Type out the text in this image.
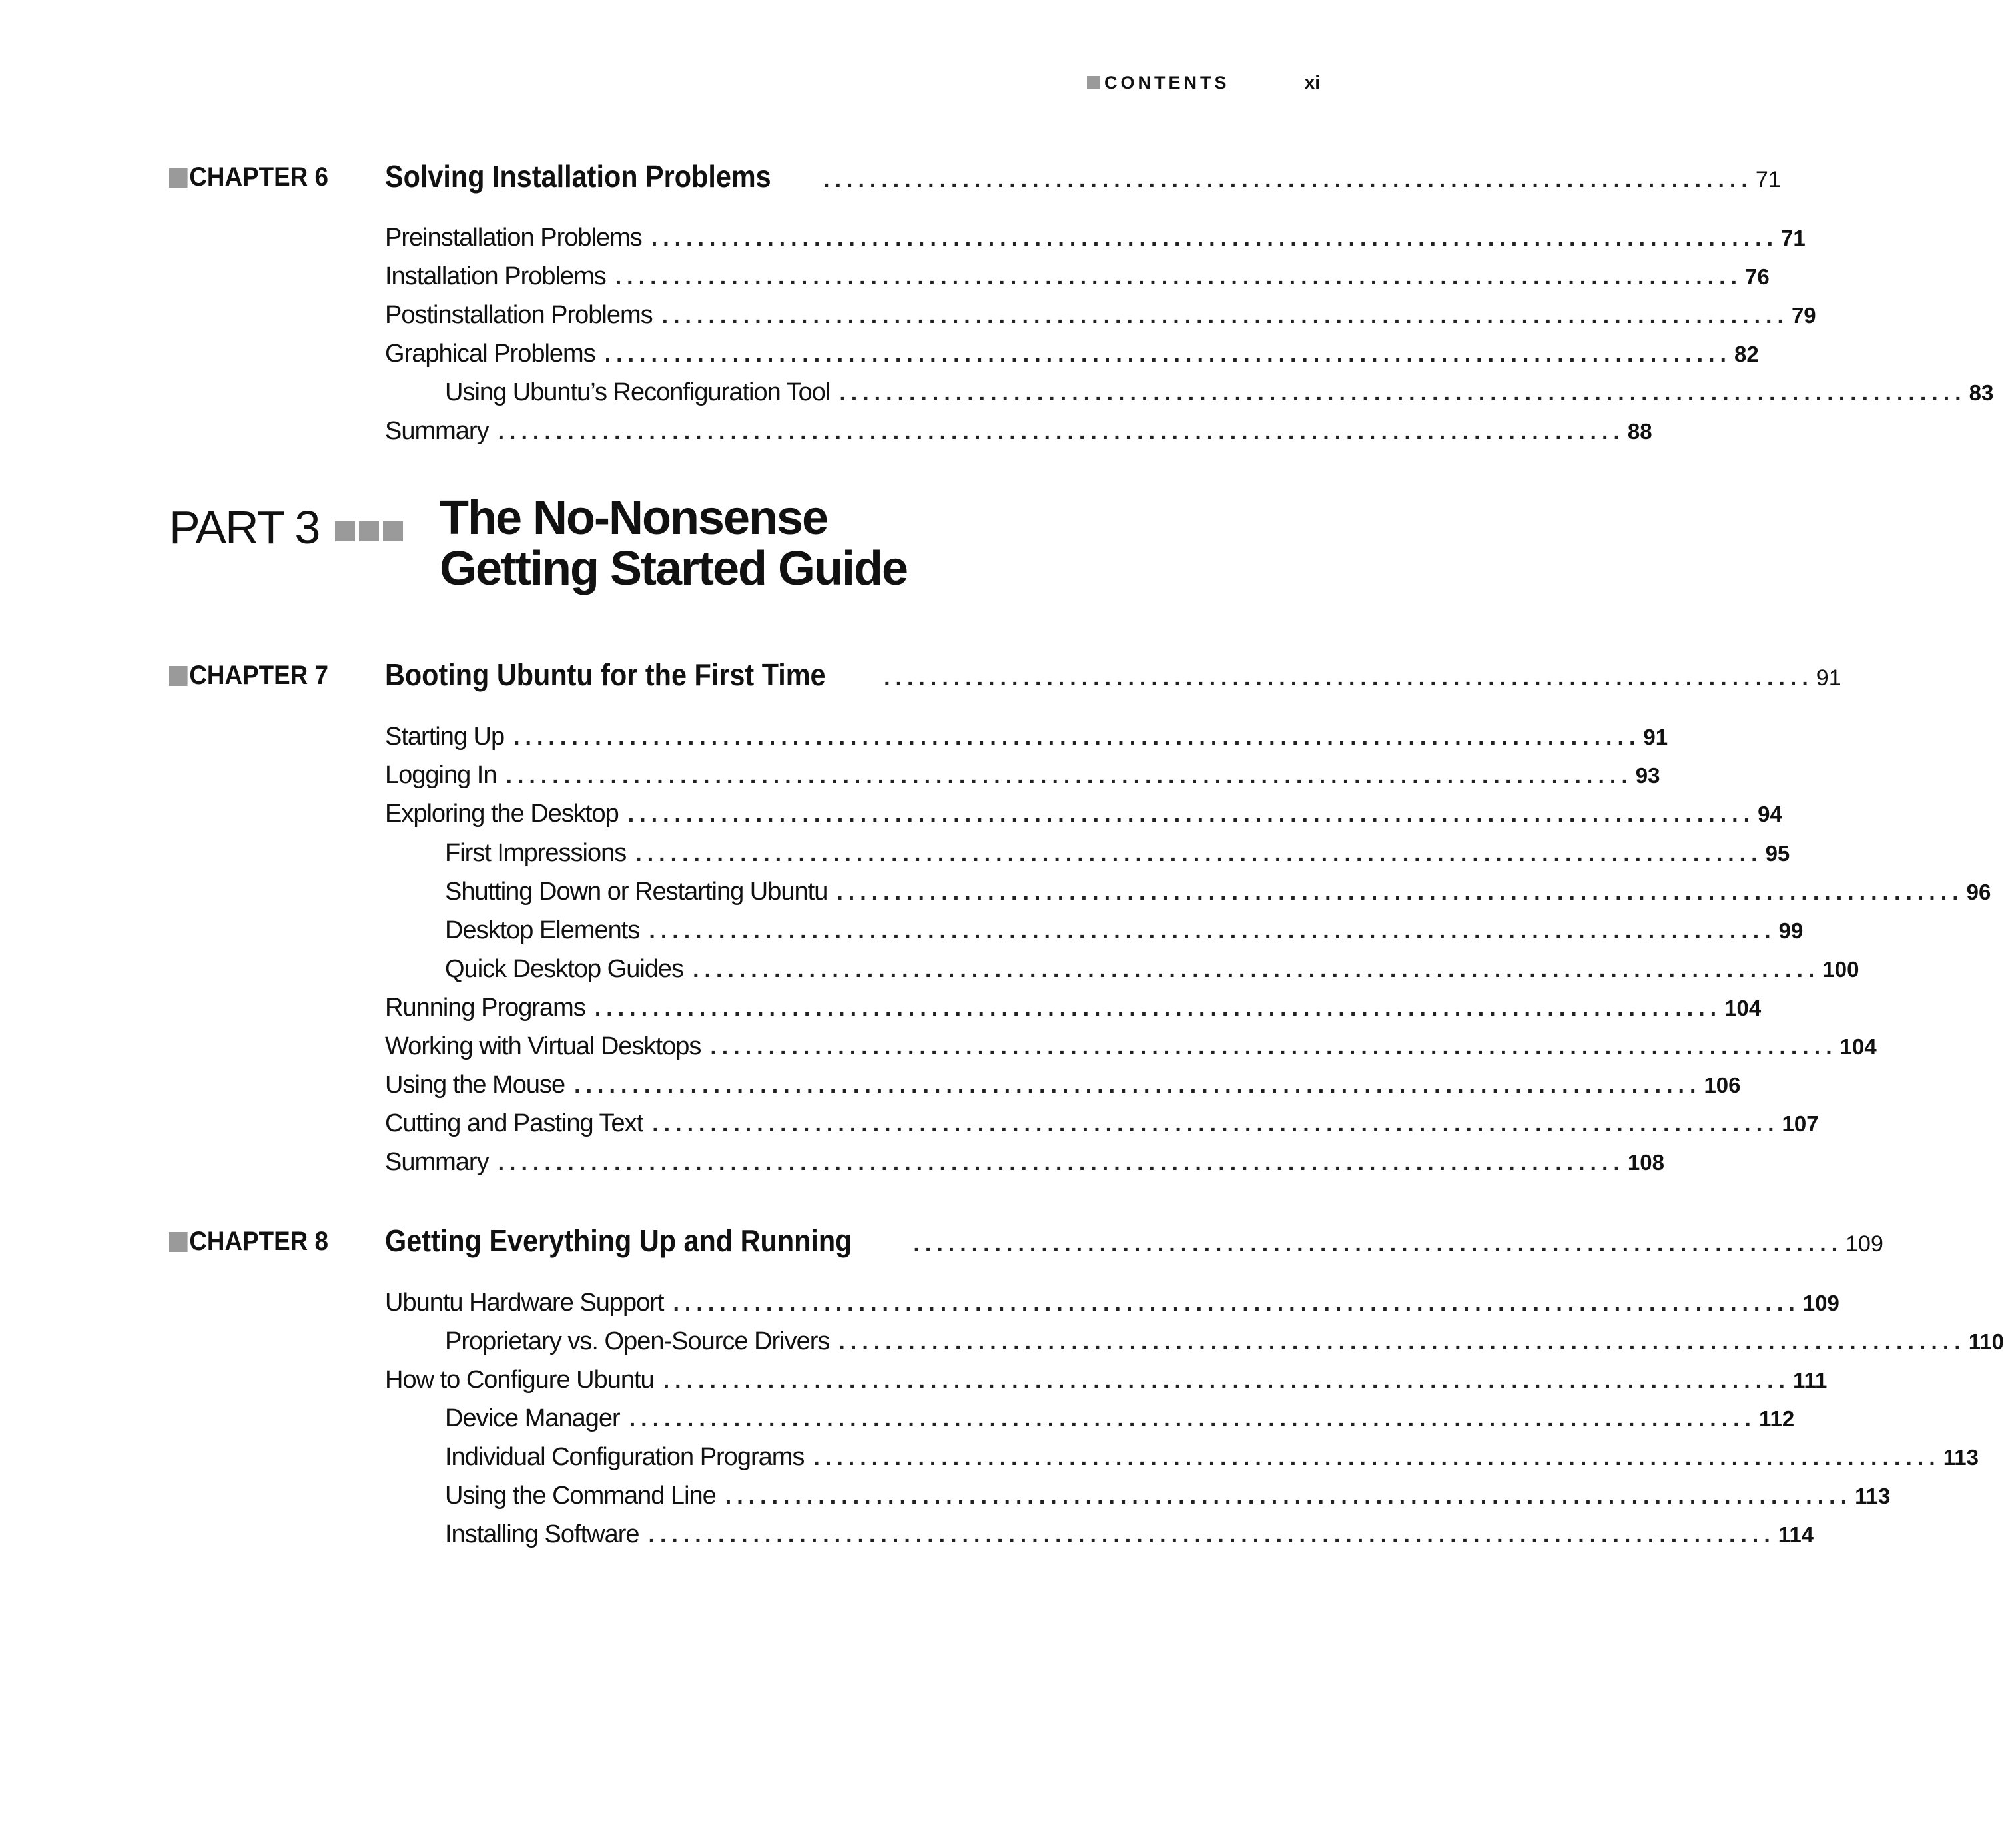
CONTENTS	xi
CHAPTER 6 Solving Installation Problems ................................................................................ 71
Preinstallation Problems ................................................................................................. 71
Installation Problems ................................................................................................. 76
Postinstallation Problems ................................................................................................. 79
Graphical Problems ................................................................................................. 82
Using Ubuntu’s Reconfiguration Tool ................................................................................................. 83
Summary ................................................................................................. 88
PART 3	The No-Nonsense
Getting Started Guide
CHAPTER 7 Booting Ubuntu for the First Time	................................................................................ 91
Starting Up ................................................................................................. 91
Logging In ................................................................................................. 93
Exploring the Desktop ................................................................................................. 94
First Impressions ................................................................................................. 95
Shutting Down or Restarting Ubuntu ................................................................................................. 96
Desktop Elements ................................................................................................. 99
Quick Desktop Guides ................................................................................................. 100
Running Programs ................................................................................................. 104
Working with Virtual Desktops ................................................................................................. 104
Using the Mouse ................................................................................................. 106
Cutting and Pasting Text ................................................................................................. 107
Summary ................................................................................................. 108
CHAPTER 8 Getting Everything Up and Running	................................................................................ 109
Ubuntu Hardware Support ................................................................................................. 109
Proprietary vs. Open-Source Drivers ................................................................................................. 110
How to Configure Ubuntu ................................................................................................. 111
Device Manager ................................................................................................. 112
Individual Configuration Programs ................................................................................................. 113
Using the Command Line ................................................................................................. 113
Installing Software ................................................................................................. 114
